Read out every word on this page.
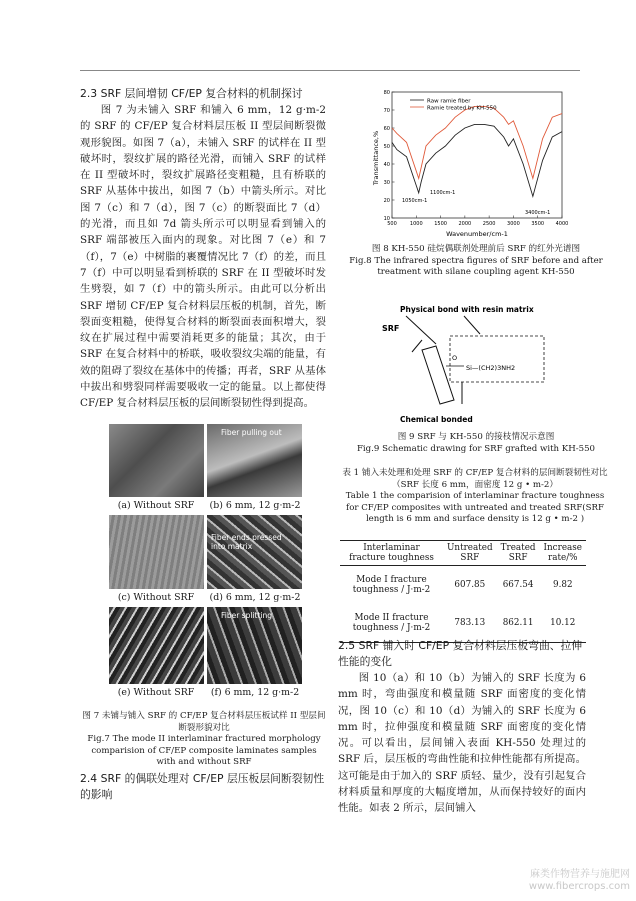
2.3 SRF 层间增韧 CF/EP 复合材料的机制探讨

图 7 为未铺入 SRF 和铺入 6 mm，12 g·m-2 的 SRF 的 CF/EP 复合材料层压板 II 型层间断裂微观形貌图。如图 7（a），未铺入 SRF 的试样在 II 型破坏时，裂纹扩展的路径光滑，而铺入 SRF 的试样在 II 型破坏时，裂纹扩展路径变粗糙，且有桥联的 SRF 从基体中拔出，如图 7（b）中箭头所示。对比图 7（c）和 7（d），图 7（c）的断裂面比 7（d）的光滑，而且如 7d 箭头所示可以明显看到铺入的 SRF 端部被压入面内的现象。对比图 7（e）和 7（f），7（e）中树脂的裹覆情况比 7（f）的差，而且 7（f）中可以明显看到桥联的 SRF 在 II 型破坏时发生劈裂，如 7（f）中的箭头所示。由此可以分析出 SRF 增韧 CF/EP 复合材料层压板的机制，首先，断裂面变粗糙，使得复合材料的断裂面表面积增大，裂纹在扩展过程中需要消耗更多的能量；其次，由于 SRF 在复合材料中的桥联，吸收裂纹尖端的能量，有效的阻碍了裂纹在基体中的传播；再者，SRF 从基体中拔出和劈裂同样需要吸收一定的能量。以上都使得 CF/EP 复合材料层压板的层间断裂韧性得到提高。

Fiber pulling out
(a) Without SRF	(b) 6 mm, 12 g·m-2
Fiber ends pressed into matrix
(c) Without SRF	(d) 6 mm, 12 g·m-2
Fiber splitting
(e) Without SRF	(f) 6 mm, 12 g·m-2
图 7 未铺与铺入 SRF 的 CF/EP 复合材料层压板试样 II 型层间断裂形貌对比
Fig.7 The mode II interlaminar fractured morphology comparision of CF/EP composite laminates samples with and without SRF
2.4 SRF 的偶联处理对 CF/EP 层压板层间断裂韧性的影响
500	1000 1500 2000 2500 3000 3500 4000
10
20
30
40
50
60
70
80
Raw ramie fiber
Ramie treated by KH-550
Transmittance,%
Wavenumber/cm-1
1050cm-1
1100cm-1
3400cm-1
图 8 KH-550 硅烷偶联剂处理前后 SRF 的红外光谱图
Fig.8 The infrared spectra figures of SRF before and after treatment with silane coupling agent KH-550
Physical bond with resin matrix
SRF
O
Si—(CH2)3NH2
Chemical bonded
图 9 SRF 与 KH-550 的接枝情况示意图
Fig.9 Schematic drawing for SRF grafted with KH-550
表 1 铺入未处理和处理 SRF 的 CF/EP 复合材料的层间断裂韧性对比（SRF 长度 6 mm，面密度 12 g • m-2）
Table 1 the comparision of interlaminar fracture toughness for CF/EP composites with untreated and treated SRF(SRF length is 6 mm and surface density is 12 g • m-2 )
Interlaminar fracture toughness	Untreated SRF	Treated SRF	Increase rate/%
Mode I fracture toughness / J·m-2	607.85	667.54	9.82
Mode II fracture toughness / J·m-2	783.13	862.11	10.12
2.5 SRF 铺入时 CF/EP 复合材料层压板弯曲、拉伸性能的变化

图 10（a）和 10（b）为铺入的 SRF 长度为 6 mm 时，弯曲强度和模量随 SRF 面密度的变化情况，图 10（c）和 10（d）为铺入的 SRF 长度为 6 mm 时，拉伸强度和模量随 SRF 面密度的变化情况。可以看出，层间铺入表面 KH-550 处理过的 SRF 后，层压板的弯曲性能和拉伸性能都有所提高。这可能是由于加入的 SRF 质轻、量少，没有引起复合材料质量和厚度的大幅度增加，从而保持较好的面内性能。如表 2 所示，层间铺入

麻类作物营养与施肥网
www.fibercrops.com
